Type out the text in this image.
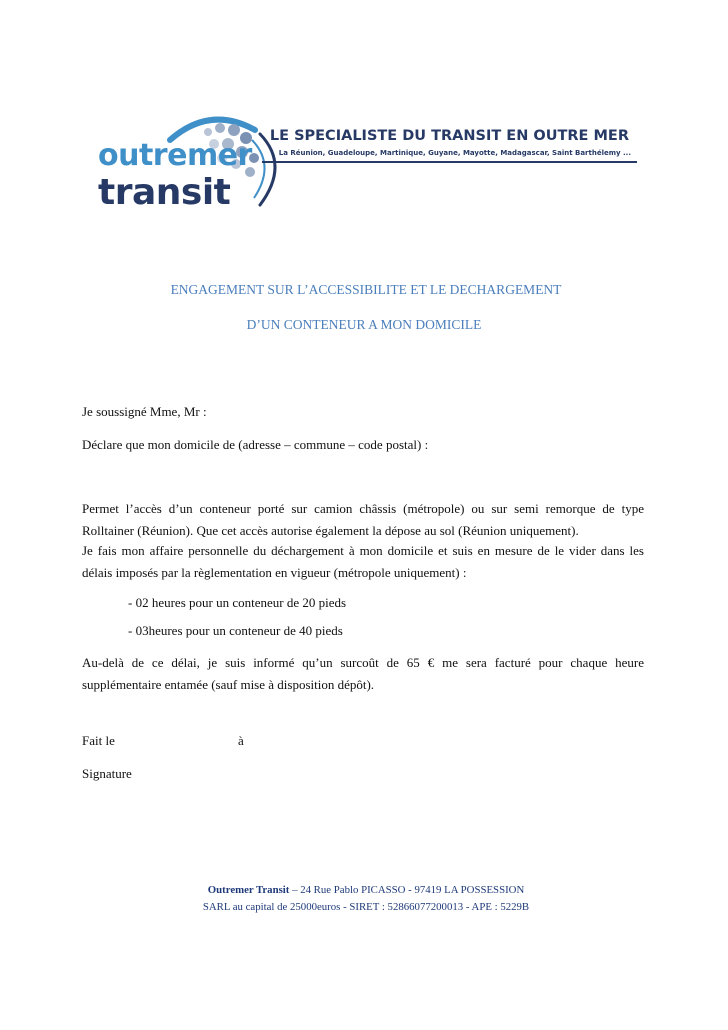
outremer
transit
LE SPECIALISTE DU TRANSIT EN OUTRE MER
La Réunion, Guadeloupe, Martinique, Guyane, Mayotte, Madagascar, Saint Barthélemy ...
ENGAGEMENT SUR L’ACCESSIBILITE ET LE DECHARGEMENT
D’UN CONTENEUR A MON DOMICILE
Je soussigné Mme, Mr :
Déclare que mon domicile de (adresse – commune – code postal) :
Permet l’accès d’un conteneur porté sur camion châssis (métropole) ou sur semi remorque de type Rolltainer (Réunion). Que cet accès autorise également la dépose au sol (Réunion uniquement).
Je fais mon affaire personnelle du déchargement à mon domicile et suis en mesure de le vider dans les délais imposés par la règlementation en vigueur (métropole uniquement) :
- 02 heures pour un conteneur de 20 pieds
- 03heures pour un conteneur de 40 pieds
Au-delà de ce délai, je suis informé qu’un surcoût de 65 € me sera facturé pour chaque heure supplémentaire entamée (sauf mise à disposition dépôt).
Fait le	à
Signature
Outremer Transit – 24 Rue Pablo PICASSO - 97419 LA POSSESSION
SARL au capital de 25000euros - SIRET : 52866077200013 - APE : 5229B
